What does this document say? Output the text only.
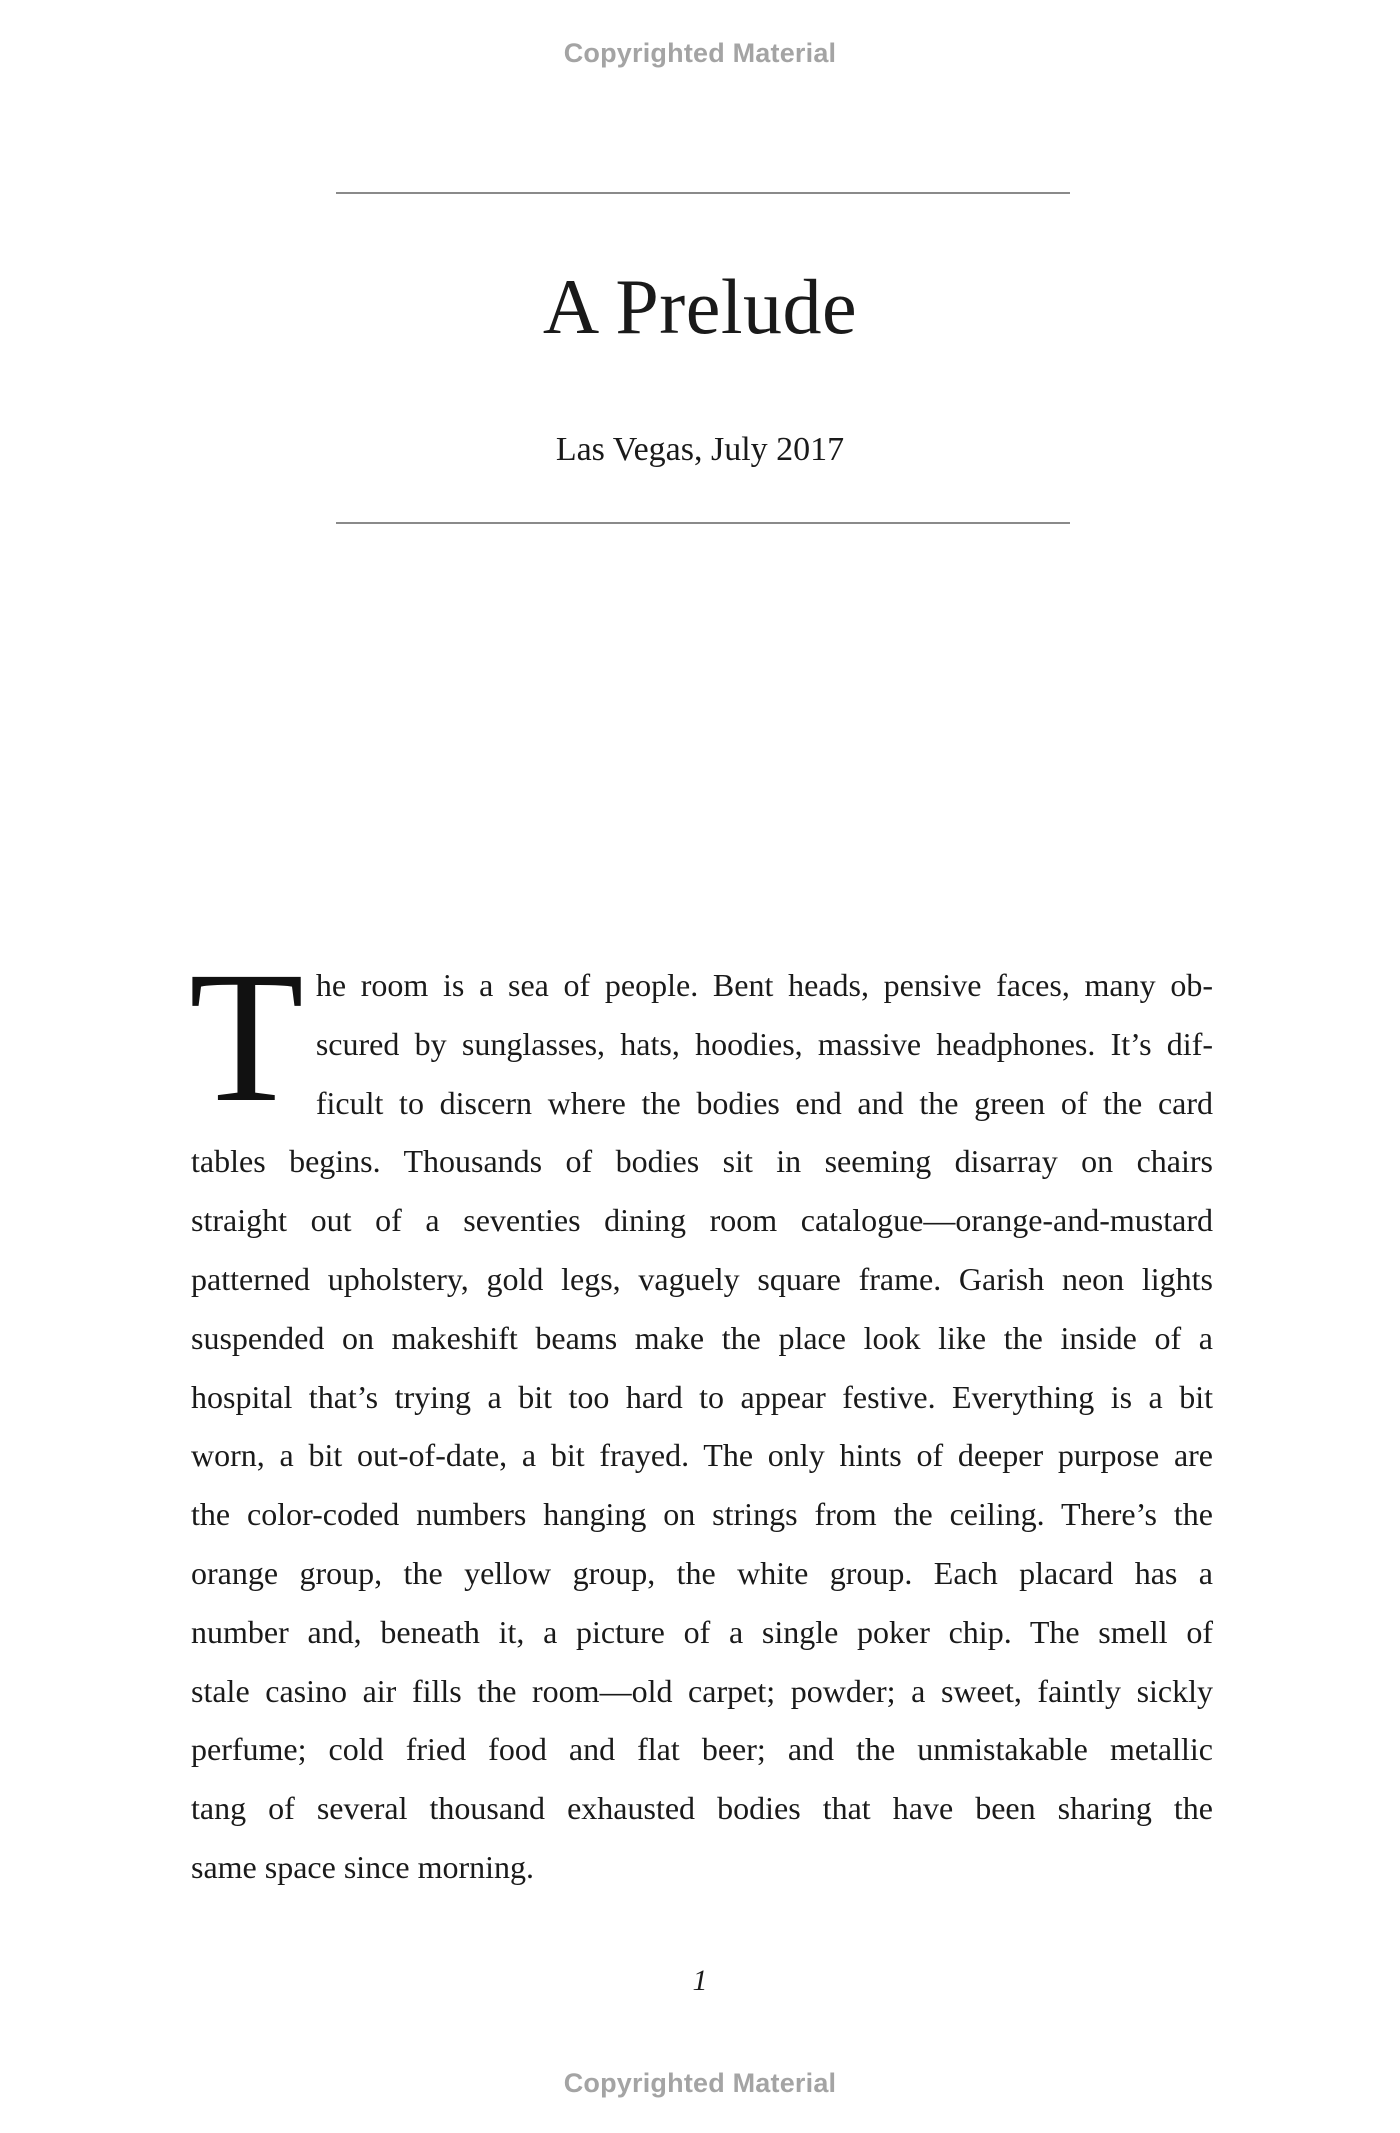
Copyrighted Material
A Prelude
Las Vegas, July 2017
T he room is a sea of people. Bent heads, pensive faces, many ob-
scured by sunglasses, hats, hoodies, massive headphones. It’s dif-
ficult to discern where the bodies end and the green of the card
tables begins. Thousands of bodies sit in seeming disarray on chairs
straight out of a seventies dining room catalogue—orange-and-mustard
patterned upholstery, gold legs, vaguely square frame. Garish neon lights
suspended on makeshift beams make the place look like the inside of a
hospital that’s trying a bit too hard to appear festive. Everything is a bit
worn, a bit out-of-date, a bit frayed. The only hints of deeper purpose are
the color-coded numbers hanging on strings from the ceiling. There’s the
orange group, the yellow group, the white group. Each placard has a
number and, beneath it, a picture of a single poker chip. The smell of
stale casino air fills the room—old carpet; powder; a sweet, faintly sickly
perfume; cold fried food and flat beer; and the unmistakable metallic
tang of several thousand exhausted bodies that have been sharing the
same space since morning.
1
Copyrighted Material
